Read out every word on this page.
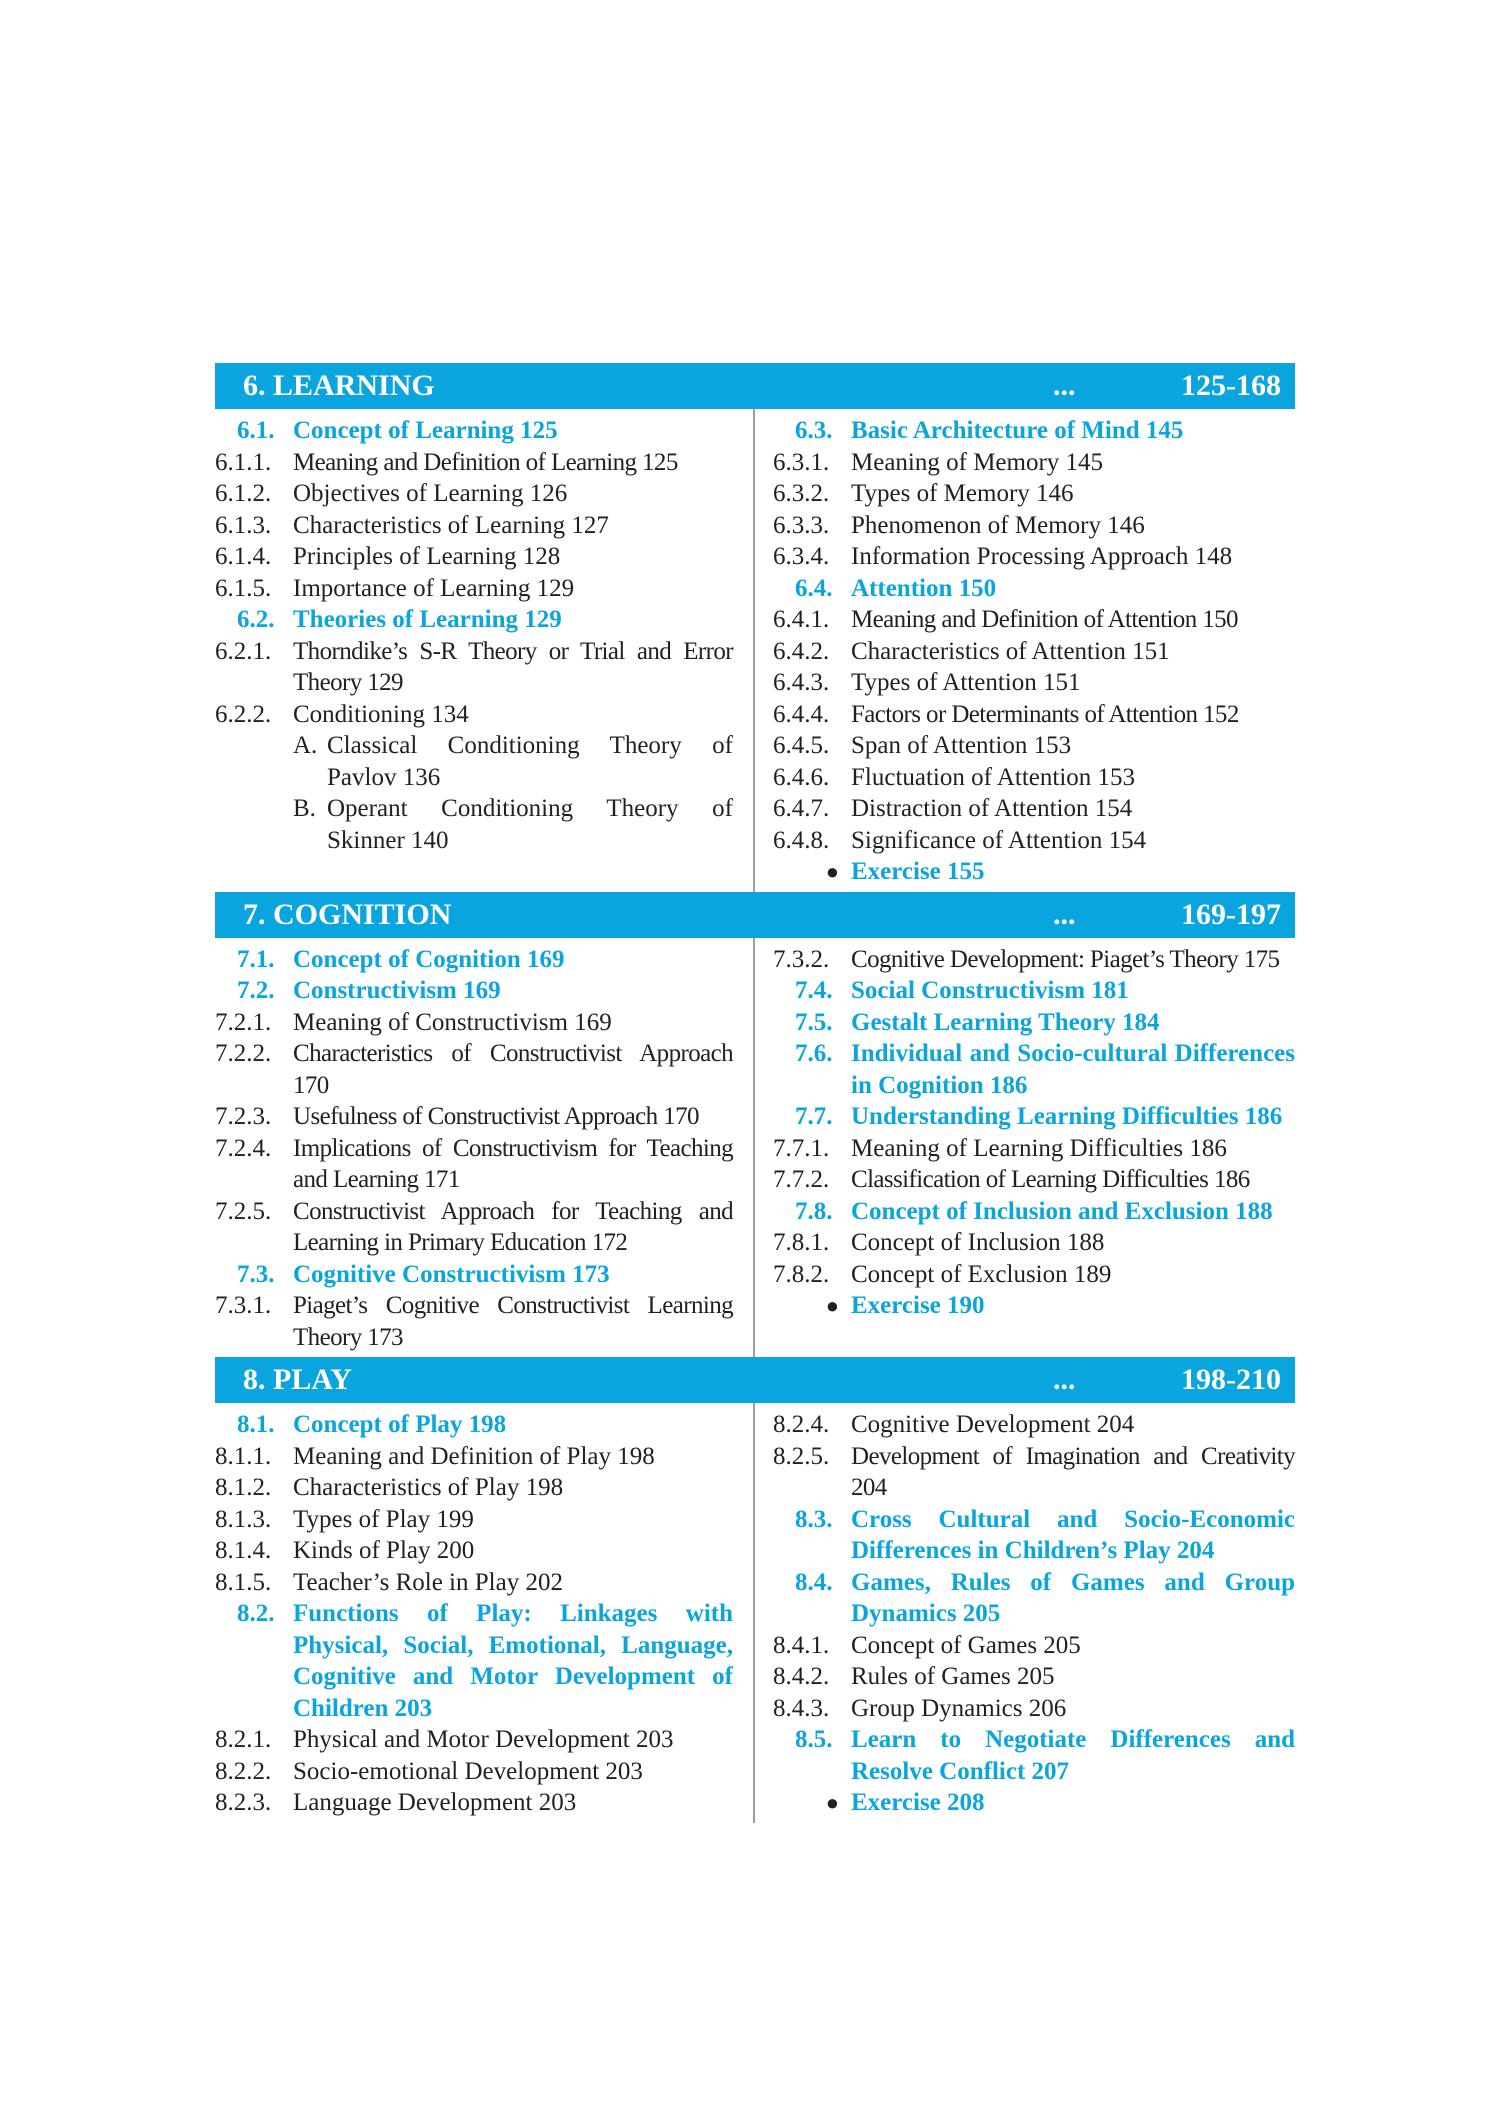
6. LEARNING	...	125-168
6.1. Concept of Learning 125
6.1.1. Meaning and Definition of Learning 125
6.1.2. Objectives of Learning 126
6.1.3. Characteristics of Learning 127
6.1.4. Principles of Learning 128
6.1.5. Importance of Learning 129
6.2. Theories of Learning 129
6.2.1. Thorndike’s S-R Theory or Trial and Error Theory 129
6.2.2. Conditioning 134
A. Classical Conditioning Theory of Pavlov 136
B. Operant Conditioning Theory of Skinner 140
6.3. Basic Architecture of Mind 145
6.3.1. Meaning of Memory 145
6.3.2. Types of Memory 146
6.3.3. Phenomenon of Memory 146
6.3.4. Information Processing Approach 148
6.4. Attention 150
6.4.1. Meaning and Definition of Attention 150
6.4.2. Characteristics of Attention 151
6.4.3. Types of Attention 151
6.4.4. Factors or Determinants of Attention 152
6.4.5. Span of Attention 153
6.4.6. Fluctuation of Attention 153
6.4.7. Distraction of Attention 154
6.4.8. Significance of Attention 154
● Exercise 155
7. COGNITION	...	169-197
7.1. Concept of Cognition 169
7.2. Constructivism 169
7.2.1. Meaning of Constructivism 169
7.2.2. Characteristics of Constructivist Approach 170
7.2.3. Usefulness of Constructivist Approach 170
7.2.4. Implications of Constructivism for Teaching and Learning 171
7.2.5. Constructivist Approach for Teaching and Learning in Primary Education 172
7.3. Cognitive Constructivism 173
7.3.1. Piaget’s Cognitive Constructivist Learning Theory 173
7.3.2. Cognitive Development: Piaget’s Theory 175
7.4. Social Constructivism 181
7.5. Gestalt Learning Theory 184
7.6. Individual and Socio-cultural Differences in Cognition 186
7.7. Understanding Learning Difficulties 186
7.7.1. Meaning of Learning Difficulties 186
7.7.2. Classification of Learning Difficulties 186
7.8. Concept of Inclusion and Exclusion 188
7.8.1. Concept of Inclusion 188
7.8.2. Concept of Exclusion 189
● Exercise 190
8. PLAY	...	198-210
8.1. Concept of Play 198
8.1.1. Meaning and Definition of Play 198
8.1.2. Characteristics of Play 198
8.1.3. Types of Play 199
8.1.4. Kinds of Play 200
8.1.5. Teacher’s Role in Play 202
8.2. Functions of Play: Linkages with Physical, Social, Emotional, Language, Cognitive and Motor Development of Children 203
8.2.1. Physical and Motor Development 203
8.2.2. Socio-emotional Development 203
8.2.3. Language Development 203
8.2.4. Cognitive Development 204
8.2.5. Development of Imagination and Creativity 204
8.3. Cross Cultural and Socio-Economic Differences in Children’s Play 204
8.4. Games, Rules of Games and Group Dynamics 205
8.4.1. Concept of Games 205
8.4.2. Rules of Games 205
8.4.3. Group Dynamics 206
8.5. Learn to Negotiate Differences and Resolve Conflict 207
● Exercise 208
